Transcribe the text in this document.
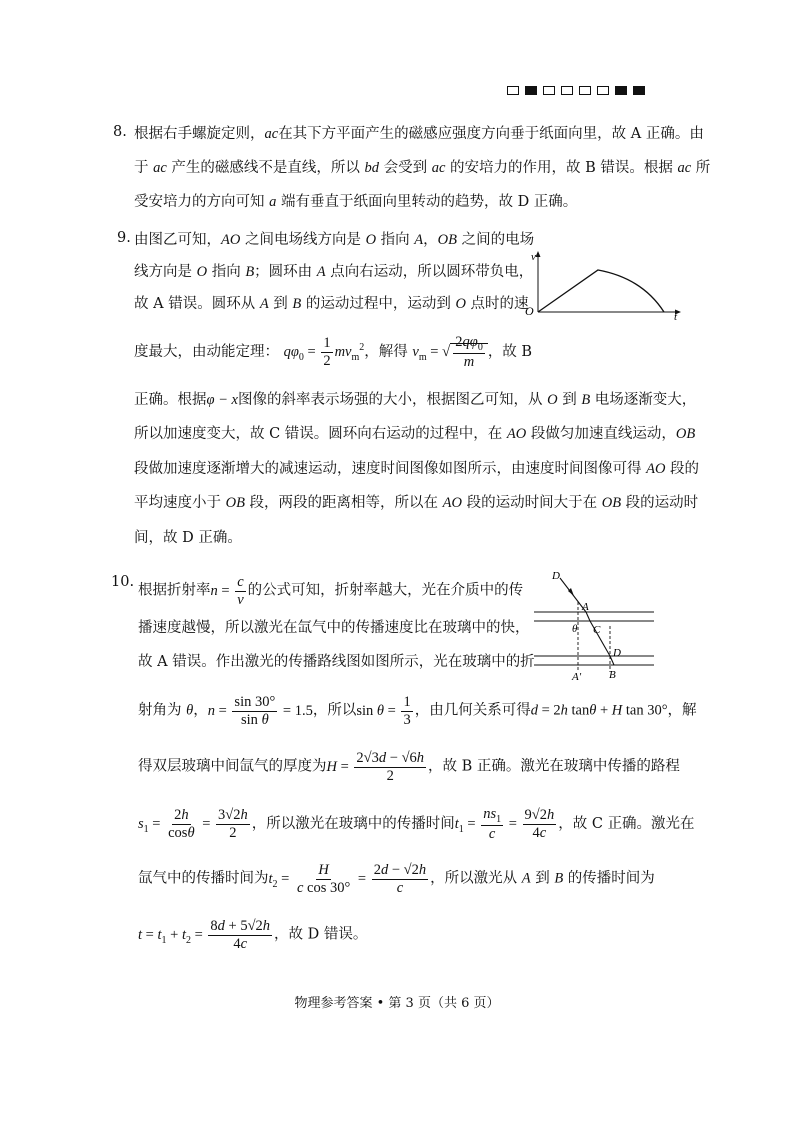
8. 根据右手螺旋定则，ac在其下方平面产生的磁感应强度方向垂于纸面向里，故 A 正确。由
于 ac 产生的磁感线不是直线，所以 bd 会受到 ac 的安培力的作用，故 B 错误。根据 ac 所
受安培力的方向可知 a 端有垂直于纸面向里转动的趋势，故 D 正确。
9. 由图乙可知，AO 之间电场线方向是 O 指向 A，OB 之间的电场
线方向是 O 指向 B；圆环由 A 点向右运动，所以圆环带负电，
故 A 错误。圆环从 A 到 B 的运动过程中，运动到 O 点时的速
度最大，由动能定理： $q\varphi_0 = \frac{1}{2} mv_m^2$，解得 $v_m$ = √ $\frac{2q\varphi_0}{m}$ ，故 B
正确。根据φ − x图像的斜率表示场强的大小，根据图乙可知，从 O 到 B 电场逐渐变大，
所以加速度变大，故 C 错误。圆环向右运动的过程中，在 AO 段做匀加速直线运动，OB
段做加速度逐渐增大的减速运动，速度时间图像如图所示，由速度时间图像可得 AO 段的
平均速度小于 OB 段，两段的距离相等，所以在 AO 段的运动时间大于在 OB 段的运动时
间，故 D 正确。
v
t
O
10.
根据折射率$n = \frac{c}{v}$ 的公式可知，折射率越大，光在介质中的传
播速度越慢，所以激光在氙气中的传播速度比在玻璃中的快，
故 A 错误。作出激光的传播路线图如图所示，光在玻璃中的折
射角为 θ，$n = \frac{\sin 30^\circ}{\text{sin θ}} = 1.5$，所以$\sin \theta = \frac{1}{3}$ ，由几何关系可得d = 2h tanθ + H tan 30°，解
得双层玻璃中间氙气的厚度为$H = \frac{2√3d - √6h}{2}$ ，故 B 正确。激光在玻璃中传播的路程
$s_1 = \frac{2h}{\cos\theta} = \frac{3√2h}{2}$ ，所以激光在玻璃中的传播时间$t_1 = \frac{ns_1}{c} = \frac{9√2h}{4c}$ ，故 C 正确。激光在
氙气中的传播时间为$t_2 = \frac{H}{\text{c cos 30°}} = \frac{2d - √2h}{c}$ ，所以激光从 A 到 B 的传播时间为
$t = t_1 + t_2 = \frac{8d + 5√2h}{4c}$ ，故 D 错误。
D
A
θ C
D
A′	B
物理参考答案 • 第 3 页（共 6 页）
